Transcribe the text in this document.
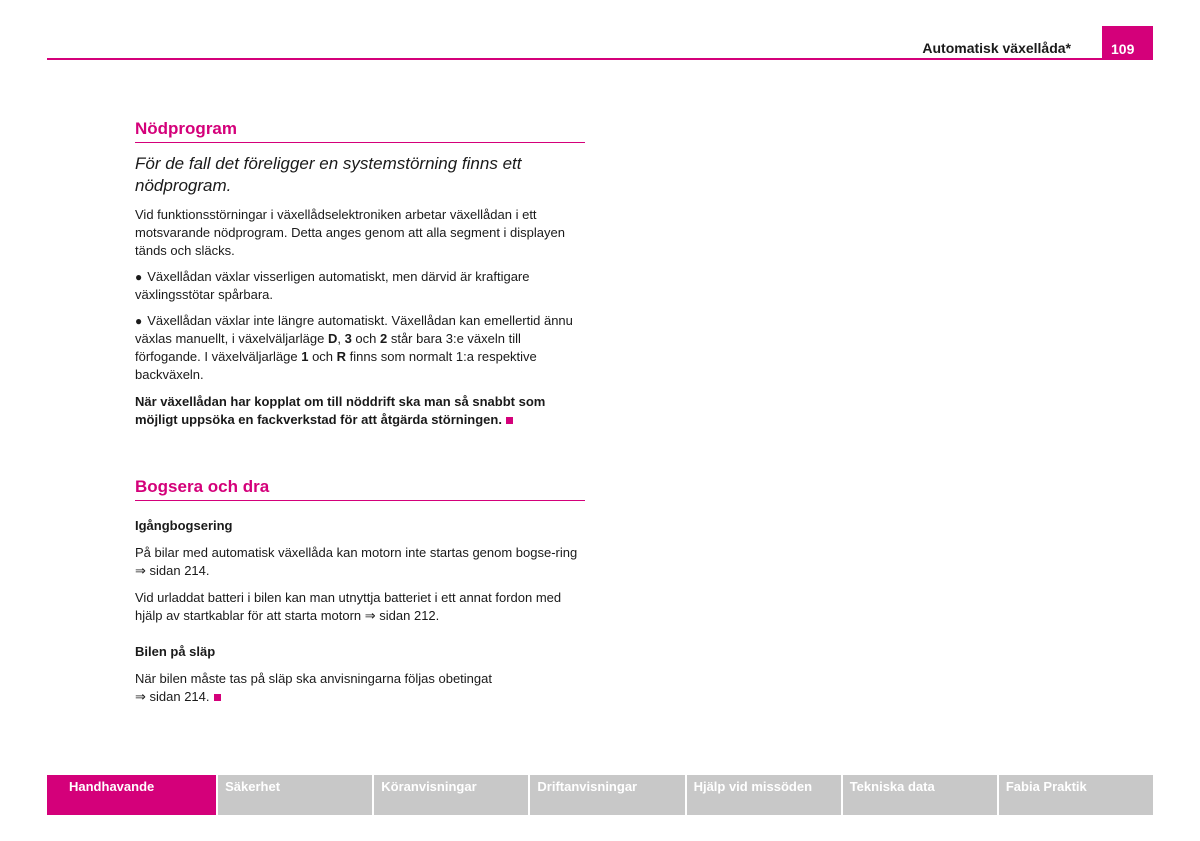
Automatisk växellåda*	109
Nödprogram

För de fall det föreligger en systemstörning finns ett nödprogram.

Vid funktionsstörningar i växellådselektroniken arbetar växellådan i ett motsvarande nödprogram. Detta anges genom att alla segment i displayen tänds och släcks.

● Växellådan växlar visserligen automatiskt, men därvid är kraftigare växlingsstötar spårbara.

● Växellådan växlar inte längre automatiskt. Växellådan kan emellertid ännu växlas manuellt, i växelväljarläge D, 3 och 2 står bara 3:e växeln till förfogande. I växelväljarläge 1 och R finns som normalt 1:a respektive backväxeln.

När växellådan har kopplat om till nöddrift ska man så snabbt som möjligt uppsöka en fackverkstad för att åtgärda störningen.

Bogsera och dra

Igångbogsering

På bilar med automatisk växellåda kan motorn inte startas genom bogse-ring ⇒ sidan 214.

Vid urladdat batteri i bilen kan man utnyttja batteriet i ett annat fordon med hjälp av startkablar för att starta motorn ⇒ sidan 212.

Bilen på släp

När bilen måste tas på släp ska anvisningarna följas obetingat
⇒ sidan 214.

Handhavande	Säkerhet	Köranvisningar	Driftanvisningar	Hjälp vid missöden	Tekniska data	Fabia Praktik
